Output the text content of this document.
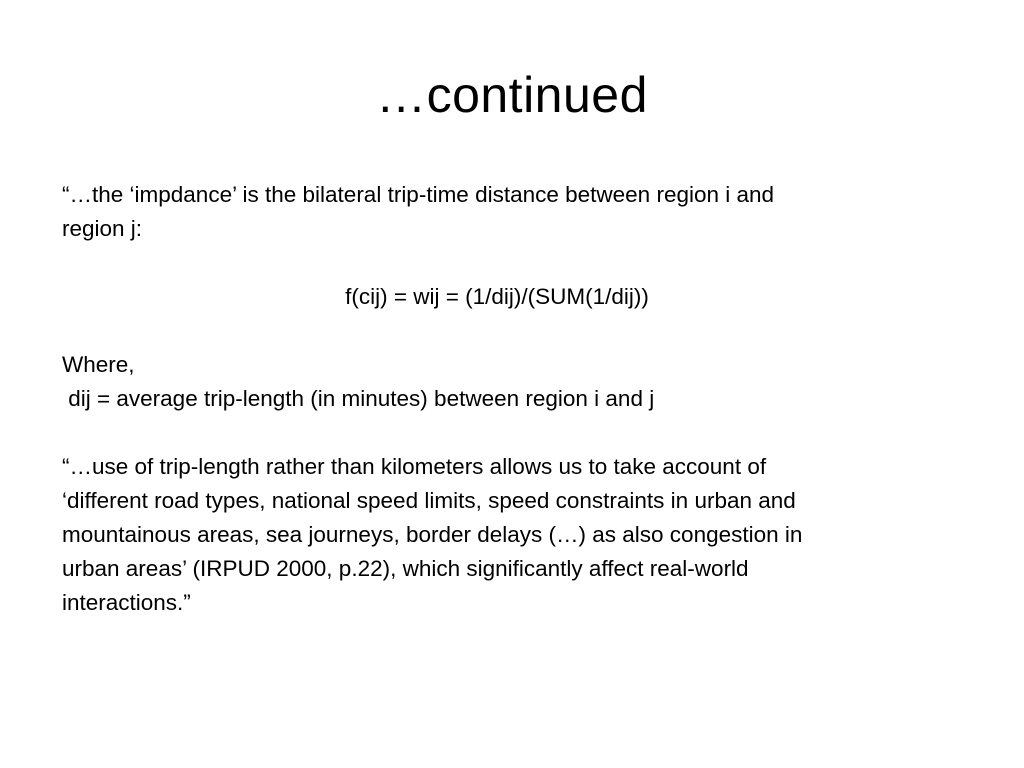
…continued

“…the ‘impdance’ is the bilateral trip-time distance between region i and

region j:

f(cij) = wij = (1/dij)/(SUM(1/dij))

Where,

dij = average trip-length (in minutes) between region i and j

“…use of trip-length rather than kilometers allows us to take account of

‘different road types, national speed limits, speed constraints in urban and

mountainous areas, sea journeys, border delays (…) as also congestion in

urban areas’ (IRPUD 2000, p.22), which significantly affect real-world

interactions.”
